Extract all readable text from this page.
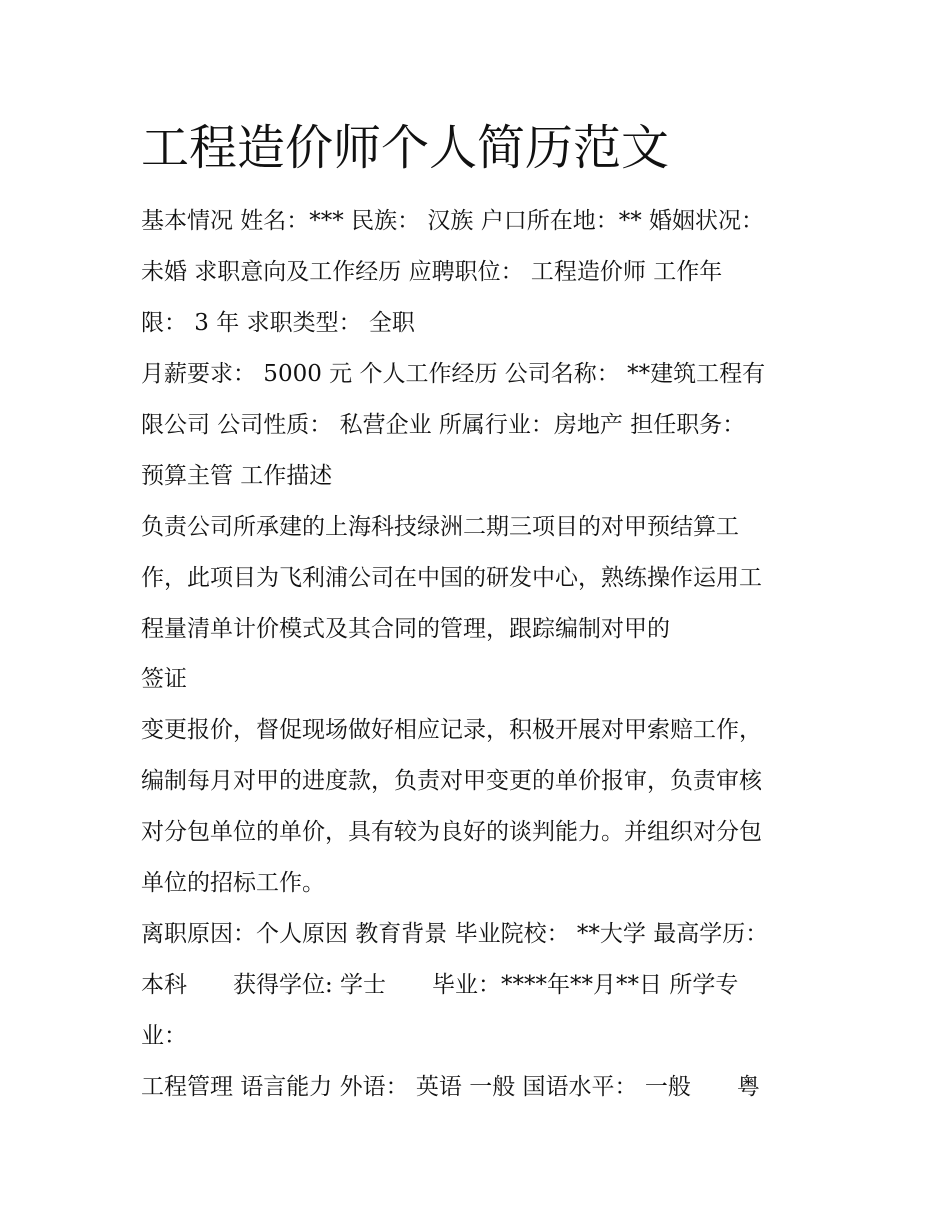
工程造价师个人简历范文

基本情况 姓名：*** 民族： 汉族 户口所在地：** 婚姻状况：

未婚 求职意向及工作经历 应聘职位： 工程造价师 工作年

限： 3 年 求职类型： 全职

月薪要求： 5000 元 个人工作经历 公司名称： **建筑工程有

限公司 公司性质： 私营企业 所属行业：房地产 担任职务：

预算主管 工作描述

负责公司所承建的上海科技绿洲二期三项目的对甲预结算工

作，此项目为飞利浦公司在中国的研发中心，熟练操作运用工

程量清单计价模式及其合同的管理，跟踪编制对甲的

签证

变更报价，督促现场做好相应记录，积极开展对甲索赔工作，

编制每月对甲的进度款，负责对甲变更的单价报审，负责审核

对分包单位的单价，具有较为良好的谈判能力。并组织对分包

单位的招标工作。

离职原因：个人原因 教育背景 毕业院校： **大学 最高学历：

本科　　获得学位: 学士　　毕业：****年**月**日 所学专

业：

工程管理 语言能力 外语： 英语 一般 国语水平： 一般　　粤
